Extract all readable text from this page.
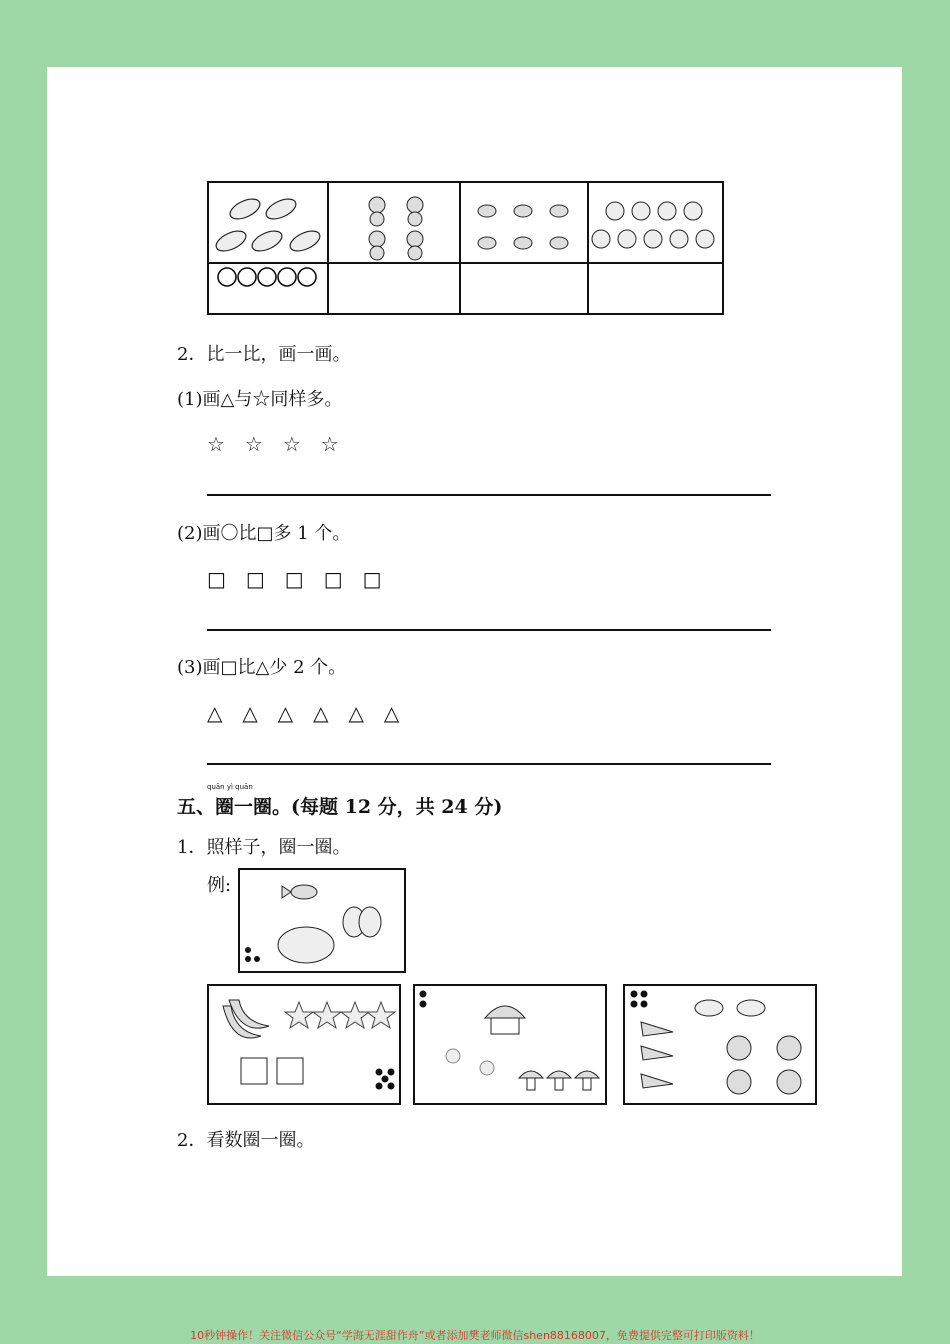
2．比一比，画一画。
(1)画△与☆同样多。
☆　☆　☆　☆
(2)画〇比□多 1 个。
□　□　□　□　□
(3)画□比△少 2 个。
△　△　△　△　△　△
quān yì quān
五、圈一圈。(每题 12 分，共 24 分)
1．照样子，圈一圈。
例:
2．看数圈一圈。
10秒钟操作！关注微信公众号“学海无涯甜作舟”或者添加樊老师微信shen88168007，免费提供完整可打印版资料！
